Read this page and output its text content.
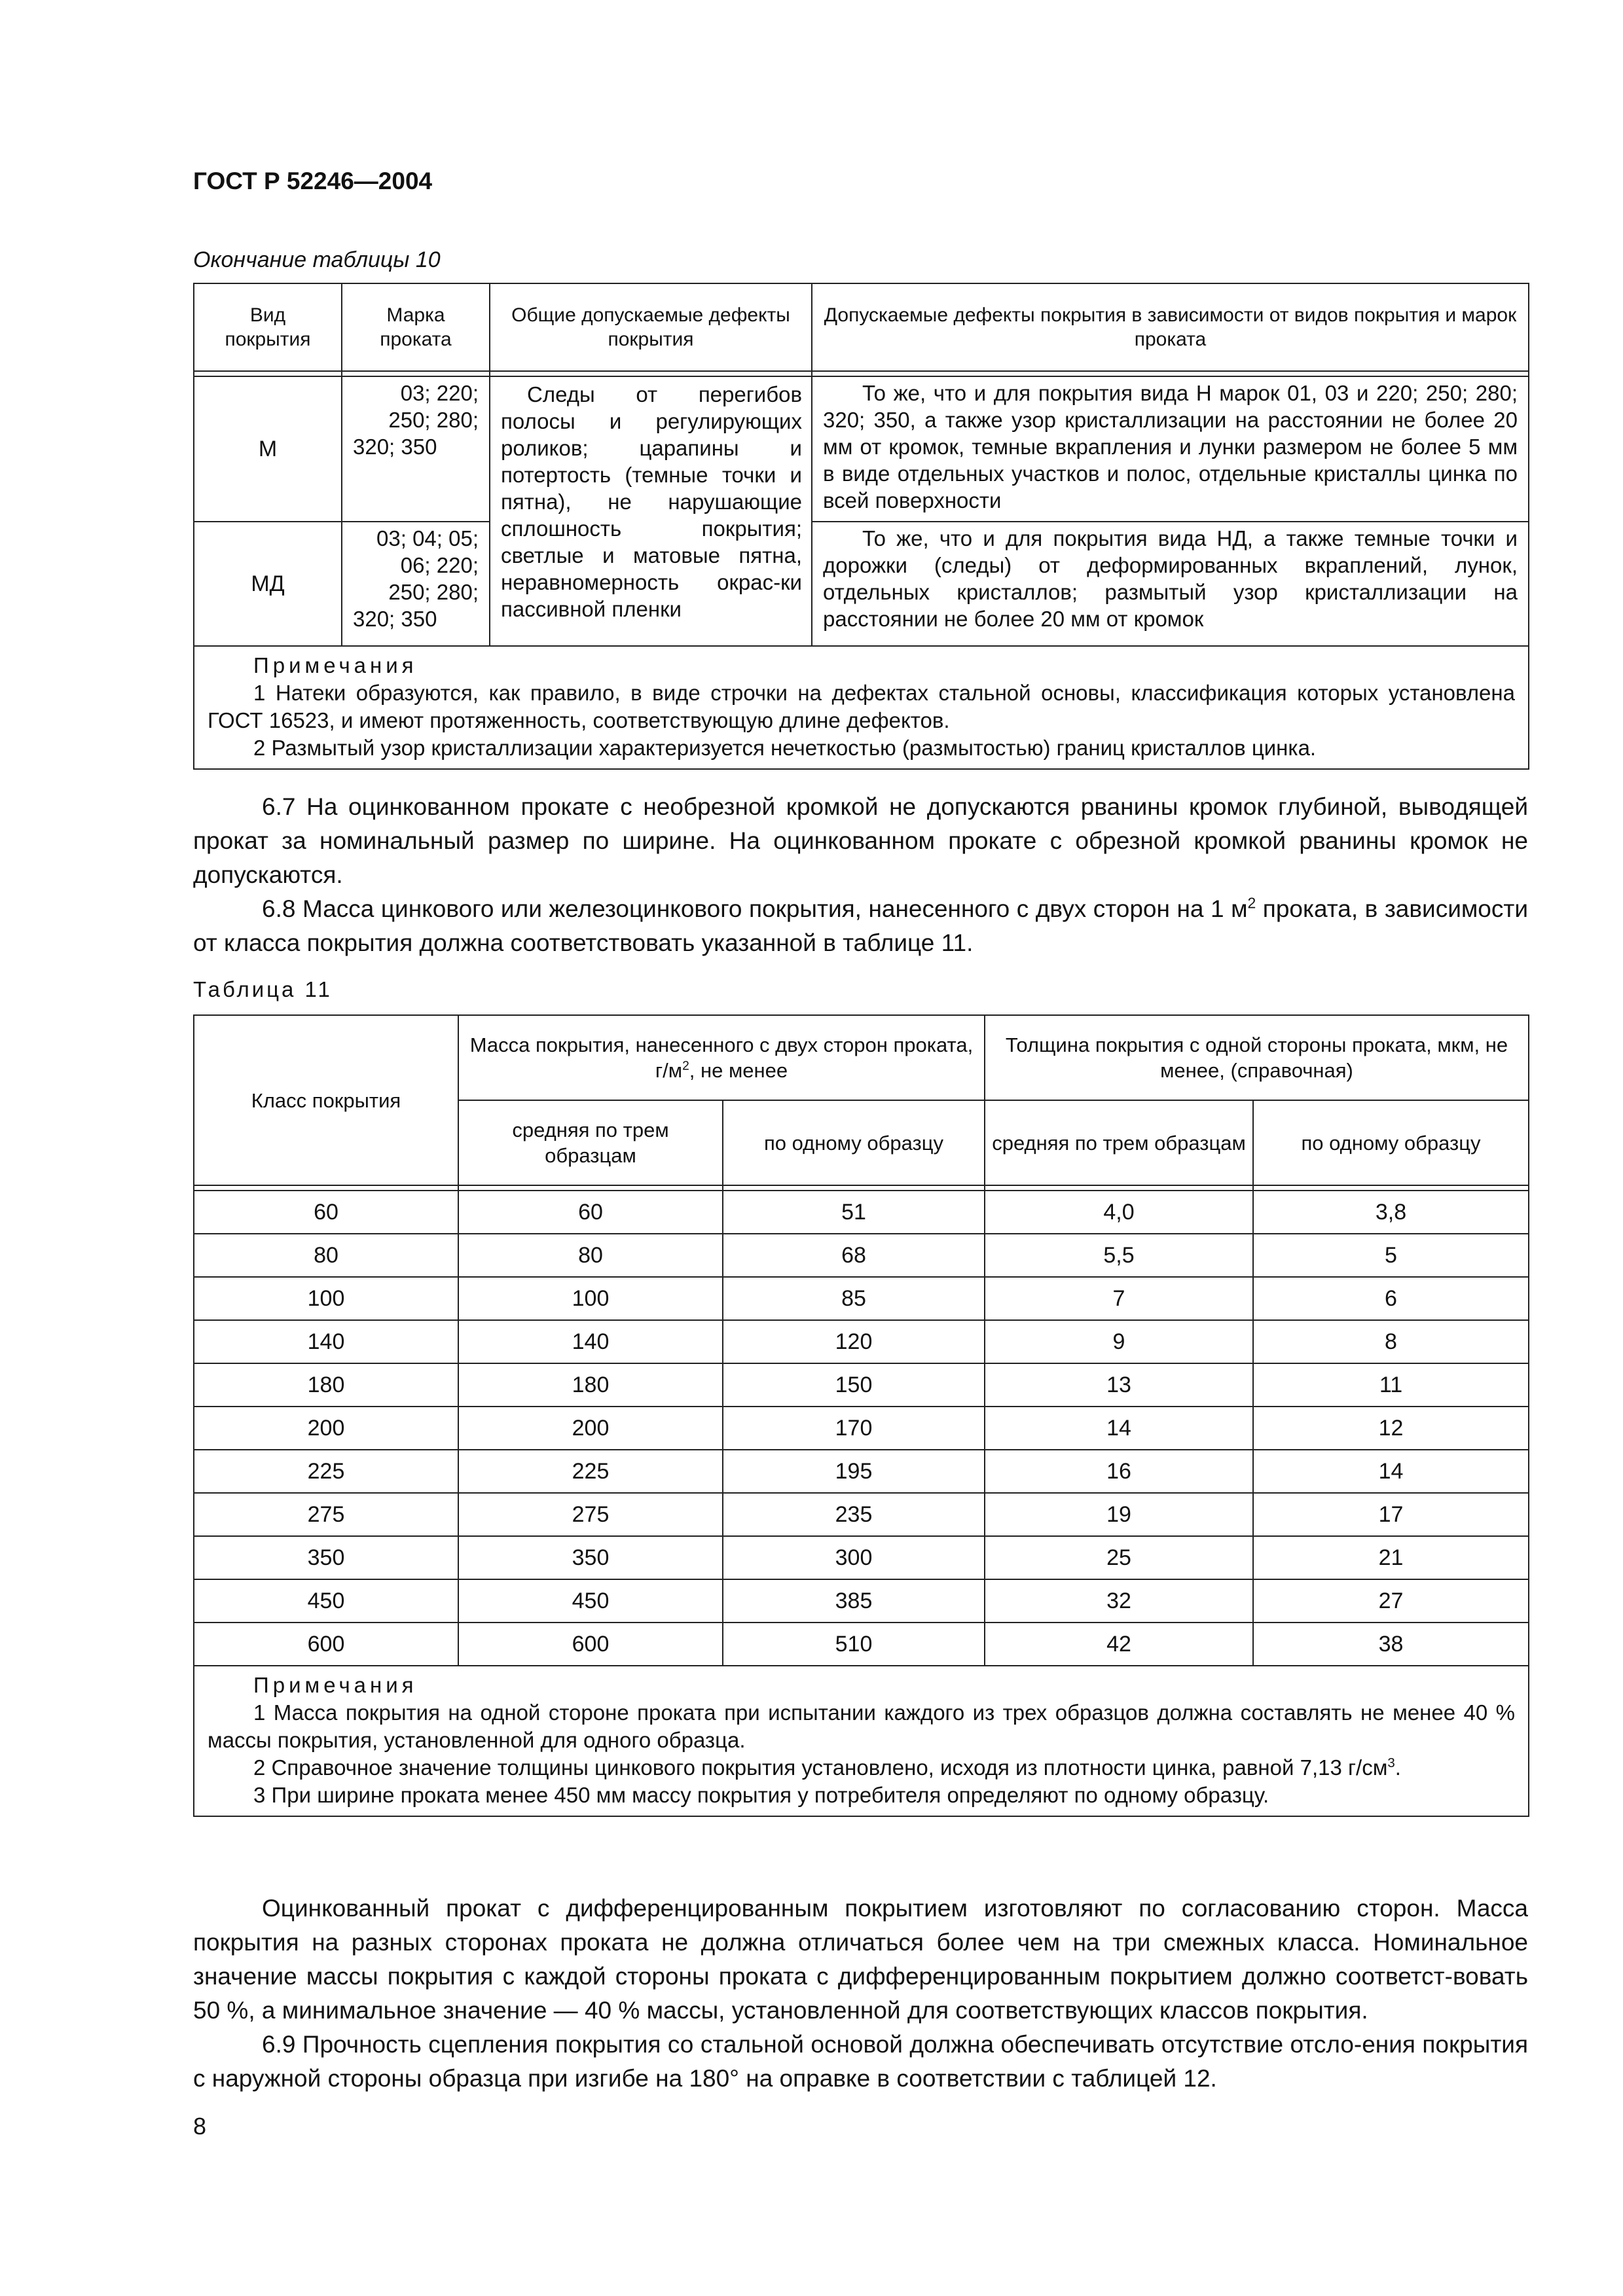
ГОСТ Р 52246—2004
Окончание таблицы 10
Вид покрытия	Марка проката	Общие допускаемые дефекты покрытия	Допускаемые дефекты покрытия в зависимости от видов покрытия и марок проката

М	03; 220; 250; 280; 320; 350	Следы от перегибов полосы и регулирующих роликов; царапины и потертость (темные точки и пятна), не нарушающие сплошность покрытия; светлые и матовые пятна, неравномерность окрас-ки пассивной пленки	То же, что и для покрытия вида Н марок 01, 03 и 220; 250; 280; 320; 350, а также узор кристаллизации на расстоянии не более 20 мм от кромок, темные вкрапления и лунки размером не более 5 мм в виде отдельных участков и полос, отдельные кристаллы цинка по всей поверхности
МД	03; 04; 05; 06; 220; 250; 280; 320; 350		То же, что и для покрытия вида НД, а также темные точки и дорожки (следы) от деформированных вкраплений, лунок, отдельных кристаллов; размытый узор кристаллизации на расстоянии не более 20 мм от кромок

Примечания
1 Натеки образуются, как правило, в виде строчки на дефектах стальной основы, классификация которых установлена ГОСТ 16523, и имеют протяженность, соответствующую длине дефектов.
2 Размытый узор кристаллизации характеризуется нечеткостью (размытостью) границ кристаллов цинка.			
6.7 На оцинкованном прокате с необрезной кромкой не допускаются рванины кромок глубиной, выводящей прокат за номинальный размер по ширине. На оцинкованном прокате с обрезной кромкой рванины кромок не допускаются.
6.8 Масса цинкового или железоцинкового покрытия, нанесенного с двух сторон на 1 $м^2$ проката, в зависимости от класса покрытия должна соответствовать указанной в таблице 11.
Таблица 11
Класс покрытия	Масса покрытия, нанесенного с двух сторон проката, $г/м^2$, не менее		Толщина покрытия с одной стороны проката, мкм, не менее, (справочная)	
	средняя по трем образцам	по одному образцу	средняя по трем образцам	по одному образцу

60	60	51	4,0	3,8
80	80	68	5,5	5
100	100	85	7	6
140	140	120	9	8
180	180	150	13	11
200	200	170	14	12
225	225	195	16	14
275	275	235	19	17
350	350	300	25	21
450	450	385	32	27
600	600	510	42	38

Примечания
1 Масса покрытия на одной стороне проката при испытании каждого из трех образцов должна составлять не менее 40 % массы покрытия, установленной для одного образца.
2 Справочное значение толщины цинкового покрытия установлено, исходя из плотности цинка, равной 7,13 $г/см^3$.
3 При ширине проката менее 450 мм массу покрытия у потребителя определяют по одному образцу.				
Оцинкованный прокат с дифференцированным покрытием изготовляют по согласованию сторон. Масса покрытия на разных сторонах проката не должна отличаться более чем на три смежных класса. Номинальное значение массы покрытия с каждой стороны проката с дифференцированным покрытием должно соответст-вовать 50 %, а минимальное значение — 40 % массы, установленной для соответствующих классов покрытия.
6.9 Прочность сцепления покрытия со стальной основой должна обеспечивать отсутствие отсло-ения покрытия с наружной стороны образца при изгибе на 180° на оправке в соответствии с таблицей 12.
8
